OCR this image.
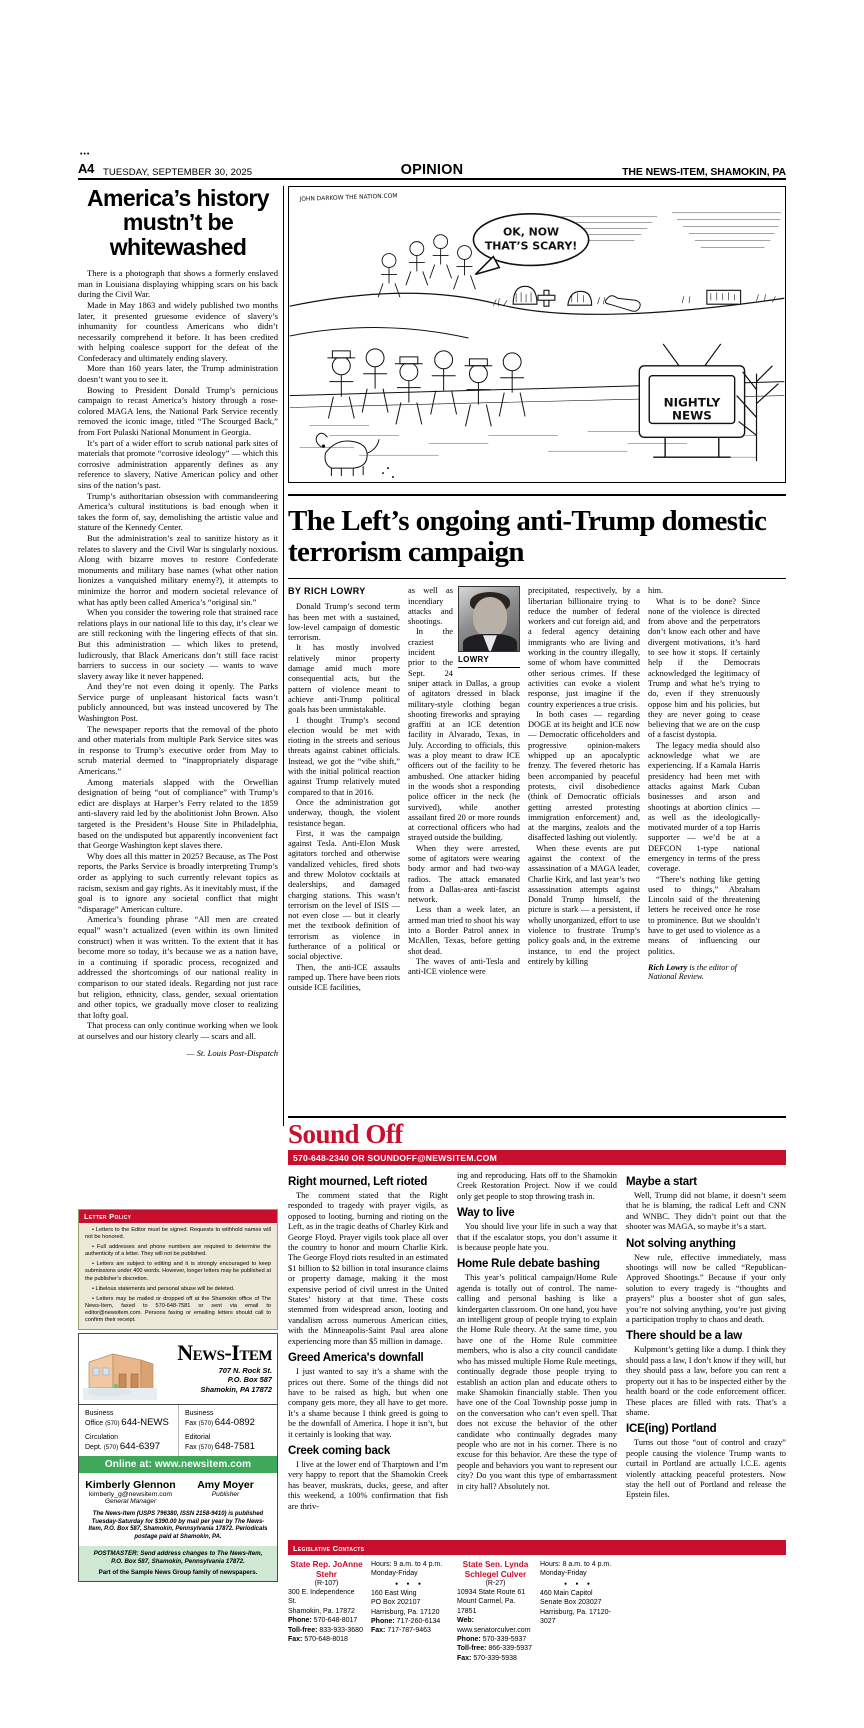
•••
A4 TUESDAY, SEPTEMBER 30, 2025	OPINION	THE NEWS-ITEM, SHAMOKIN, PA
America’s history mustn’t be whitewashed

There is a photograph that shows a formerly enslaved man in Louisiana displaying whipping scars on his back during the Civil War.

Made in May 1863 and widely published two months later, it presented gruesome evidence of slavery’s inhumanity for countless Americans who didn’t necessarily comprehend it before. It has been credited with helping coalesce support for the defeat of the Confederacy and ultimately ending slavery.

More than 160 years later, the Trump administration doesn’t want you to see it.

Bowing to President Donald Trump’s pernicious campaign to recast America’s history through a rose-colored MAGA lens, the National Park Service recently removed the iconic image, titled “The Scourged Back,” from Fort Pulaski National Monument in Georgia.

It’s part of a wider effort to scrub national park sites of materials that promote “corrosive ideology” — which this corrosive administration apparently defines as any reference to slavery, Native American policy and other sins of the nation’s past.

Trump’s authoritarian obsession with commandeering America’s cultural institutions is bad enough when it takes the form of, say, demolishing the artistic value and stature of the Kennedy Center.

But the administration’s zeal to sanitize history as it relates to slavery and the Civil War is singularly noxious. Along with bizarre moves to restore Confederate monuments and military base names (what other nation lionizes a vanquished military enemy?), it attempts to minimize the horror and modern societal relevance of what has aptly been called America’s “original sin.”

When you consider the towering role that strained race relations plays in our national life to this day, it’s clear we are still reckoning with the lingering effects of that sin. But this administration — which likes to pretend, ludicrously, that Black Americans don’t still face racist barriers to success in our society — wants to wave slavery away like it never happened.

And they’re not even doing it openly. The Parks Service purge of unpleasant historical facts wasn’t publicly announced, but was instead uncovered by The Washington Post.

The newspaper reports that the removal of the photo and other materials from multiple Park Service sites was in response to Trump’s executive order from May to scrub material deemed to “inappropriately disparage Americans.”

Among materials slapped with the Orwellian designation of being “out of compliance” with Trump’s edict are displays at Harper’s Ferry related to the 1859 anti-slavery raid led by the abolitionist John Brown. Also targeted is the President’s House Site in Philadelphia, based on the undisputed but apparently inconvenient fact that George Washington kept slaves there.

Why does all this matter in 2025? Because, as The Post reports, the Parks Service is broadly interpreting Trump’s order as applying to such currently relevant topics as racism, sexism and gay rights. As it inevitably must, if the goal is to ignore any societal conflict that might “disparage” American culture.

America’s founding phrase “All men are created equal” wasn’t actualized (even within its own limited construct) when it was written. To the extent that it has become more so today, it’s because we as a nation have, in a continuing if sporadic process, recognized and addressed the shortcomings of our national reality in comparison to our stated ideals. Regarding not just race but religion, ethnicity, class, gender, sexual orientation and other topics, we gradually move closer to realizing that lofty goal.

That process can only continue working when we look at ourselves and our history clearly — scars and all.

— St. Louis Post-Dispatch
JOHN DARKOW THE NATION.COM
OK, NOW
THAT’S SCARY!
NIGHTLY
NEWS
The Left’s ongoing anti-Trump domestic terrorism campaign
BY RICH LOWRY

Donald Trump’s second term has been met with a sustained, low-level campaign of domestic terrorism.

It has mostly involved relatively minor property damage amid much more consequential acts, but the pattern of violence meant to achieve anti-Trump political goals has been unmistakable.

I thought Trump’s second election would be met with rioting in the streets and serious threats against cabinet officials. Instead, we got the “vibe shift,” with the initial political reaction against Trump relatively muted compared to that in 2016.

Once the administration got underway, though, the violent resistance began.

First, it was the campaign against Tesla. Anti-Elon Musk agitators torched and otherwise vandalized vehicles, fired shots and threw Molotov cocktails at dealerships, and damaged charging stations. This wasn’t terrorism on the level of ISIS — not even close — but it clearly met the textbook definition of terrorism as violence in furtherance of a political or social objective.

Then, the anti-ICE assaults ramped up. There have been riots outside ICE facilities,

LOWRY

as well as incendiary attacks and shootings.

In the craziest incident prior to the Sept. 24 sniper attack in Dallas, a group of agitators dressed in black military-style clothing began shooting fireworks and spraying graffiti at an ICE detention facility in Alvarado, Texas, in July. According to officials, this was a ploy meant to draw ICE officers out of the facility to be ambushed. One attacker hiding in the woods shot a responding police officer in the neck (he survived), while another assailant fired 20 or more rounds at correctional officers who had strayed outside the building.

When they were arrested, some of agitators were wearing body armor and had two-way radios. The attack emanated from a Dallas-area anti-fascist network.

Less than a week later, an armed man tried to shoot his way into a Border Patrol annex in McAllen, Texas, before getting shot dead.

The waves of anti-Tesla and anti-ICE violence were

precipitated, respectively, by a libertarian billionaire trying to reduce the number of federal workers and cut foreign aid, and a federal agency detaining immigrants who are living and working in the country illegally, some of whom have committed other serious crimes. If these activities can evoke a violent response, just imagine if the country experiences a true crisis.

In both cases — regarding DOGE at its height and ICE now — Democratic officeholders and progressive opinion-makers whipped up an apocalyptic frenzy. The fevered rhetoric has been accompanied by peaceful protests, civil disobedience (think of Democratic officials getting arrested protesting immigration enforcement) and, at the margins, zealots and the disaffected lashing out violently.

When these events are put against the context of the assassination of a MAGA leader, Charlie Kirk, and last year’s two assassination attempts against Donald Trump himself, the picture is stark — a persistent, if wholly unorganized, effort to use violence to frustrate Trump’s policy goals and, in the extreme instance, to end the project entirely by killing

him.

What is to be done? Since none of the violence is directed from above and the perpetrators don’t know each other and have divergent motivations, it’s hard to see how it stops. If certainly help if the Democrats acknowledged the legitimacy of Trump and what he’s trying to do, even if they strenuously oppose him and his policies, but they are never going to cease believing that we are on the cusp of a fascist dystopia.

The legacy media should also acknowledge what we are experiencing. If a Kamala Harris presidency had been met with attacks against Mark Cuban businesses and arson and shootings at abortion clinics — as well as the ideologically-motivated murder of a top Harris supporter — we’d be at a DEFCON 1-type national emergency in terms of the press coverage.

“There’s nothing like getting used to things,” Abraham Lincoln said of the threatening letters he received once he rose to prominence. But we shouldn’t have to get used to violence as a means of influencing our politics.

Rich Lowry is the editor of National Review.
Sound Off
570-648-2340 OR SOUNDOFF@NEWSITEM.COM
Right mourned, Left rioted

The comment stated that the Right responded to tragedy with prayer vigils, as opposed to looting, burning and rioting on the Left, as in the tragic deaths of Charley Kirk and George Floyd. Prayer vigils took place all over the country to honor and mourn Charlie Kirk. The George Floyd riots resulted in an estimated $1 billion to $2 billion in total insurance claims or property damage, making it the most expensive period of civil unrest in the United States’ history at that time. These costs stemmed from widespread arson, looting and vandalism across numerous American cities, with the Minneapolis-Saint Paul area alone experiencing more than $5 million in damage.

Greed America's downfall

I just wanted to say it’s a shame with the prices out there. Some of the things did not have to be raised as high, but when one company gets more, they all have to get more. It’s a shame because I think greed is going to be the downfall of America. I hope it isn’t, but it certainly is looking that way.

Creek coming back

I live at the lower end of Tharptown and I’m very happy to report that the Shamokin Creek has beaver, muskrats, ducks, geese, and after this weekend, a 100% confirmation that fish are thriv-

ing and reproducing. Hats off to the Shamokin Creek Restoration Project. Now if we could only get people to stop throwing trash in.

Way to live

You should live your life in such a way that that if the escalator stops, you don’t assume it is because people hate you.

Home Rule debate bashing

This year’s political campaign/Home Rule agenda is totally out of control. The name-calling and personal bashing is like a kindergarten classroom. On one hand, you have an intelligent group of people trying to explain the Home Rule theory. At the same time, you have one of the Home Rule committee members, who is also a city council candidate who has missed multiple Home Rule meetings, continually degrade those people trying to establish an action plan and educate others to make Shamokin financially stable. Then you have one of the Coal Township posse jump in on the conversation who can’t even spell. That does not excuse the behavior of the other candidate who continually degrades many people who are not in his corner. There is no excuse for this behavior. Are these the type of people and behaviors you want to represent our city? Do you want this type of embarrassment in city hall? Absolutely not.

Maybe a start

Well, Trump did not blame, it doesn’t seem that he is blaming, the radical Left and CNN and WNBC. They didn’t point out that the shooter was MAGA, so maybe it’s a start.

Not solving anything

New rule, effective immediately, mass shootings will now be called “Republican-Approved Shootings.” Because if your only solution to every tragedy is “thoughts and prayers” plus a booster shot of gun sales, you’re not solving anything, you’re just giving a participation trophy to chaos and death.

There should be a law

Kulpmont’s getting like a dump. I think they should pass a law, I don’t know if they will, but they should pass a law, before you can rent a property out it has to be inspected either by the health board or the code enforcement officer. These places are filled with rats. That’s a shame.

ICE(ing) Portland

Turns out those “out of control and crazy” people causing the violence Trump wants to curtail in Portland are actually I.C.E. agents violently attacking peaceful protesters. Now stay the hell out of Portland and release the Epstein files.

Letter Policy

• Letters to the Editor must be signed. Requests to withhold names will not be honored.

• Full addresses and phone numbers are required to determine the authenticity of a letter. They will not be published.

• Letters are subject to editing and it is strongly encouraged to keep submissions under 400 words. However, longer letters may be published at the publisher’s discretion.

• Libelous statements and personal abuse will be deleted.

• Letters may be mailed or dropped off at the Shamokin office of The News-Item, faxed to 570-648-7581 or sent via email to editor@newsitem.com. Persons faxing or emailing letters should call to confirm their receipt.

News-Item
707 N. Rock St.
P.O. Box 587
Shamokin, PA 17872
Business
Office (570) 644-NEWS
Circulation
Dept. (570) 644-6397
Business
Fax (570) 644-0892
Editorial
Fax (570) 648-7581
Online at: www.newsitem.com
Kimberly Glennon
kimberly_g@newsitem.com
General Manager
Amy Moyer
Publisher
The News-Item (USPS 796380, ISSN 2158-9410) is published Tuesday-Saturday for $390.00 by mail per year by The News-Item, P.O. Box 587, Shamokin, Pennsylvania 17872. Periodicals postage paid at Shamokin, PA.
POSTMASTER: Send address changes to The News-Item, P.O. Box 587, Shamokin, Pennsylvania 17872.
Part of the Sample News Group family of newspapers.
Legislative Contacts
State Rep. JoAnne Stehr
(R-107)
300 E. Independence St.
Shamokin, Pa. 17872
Phone: 570-648-8017
Toll-free: 833-933-3680
Fax: 570-648-8018
Hours: 9 a.m. to 4 p.m. Monday-Friday
• • •
160 East Wing
PO Box 202107
Harrisburg, Pa. 17120
Phone: 717-260-6134
Fax: 717-787-9463
State Sen. Lynda Schlegel Culver
(R-27)
10934 State Route 61
Mount Carmel, Pa. 17851
Web: www.senatorculver.com
Phone: 570-339-5937
Toll-free: 866-339-5937
Fax: 570-339-5938
Hours: 8 a.m. to 4 p.m. Monday-Friday
• • •
460 Main Capitol
Senate Box 203027
Harrisburg, Pa. 17120-3027
